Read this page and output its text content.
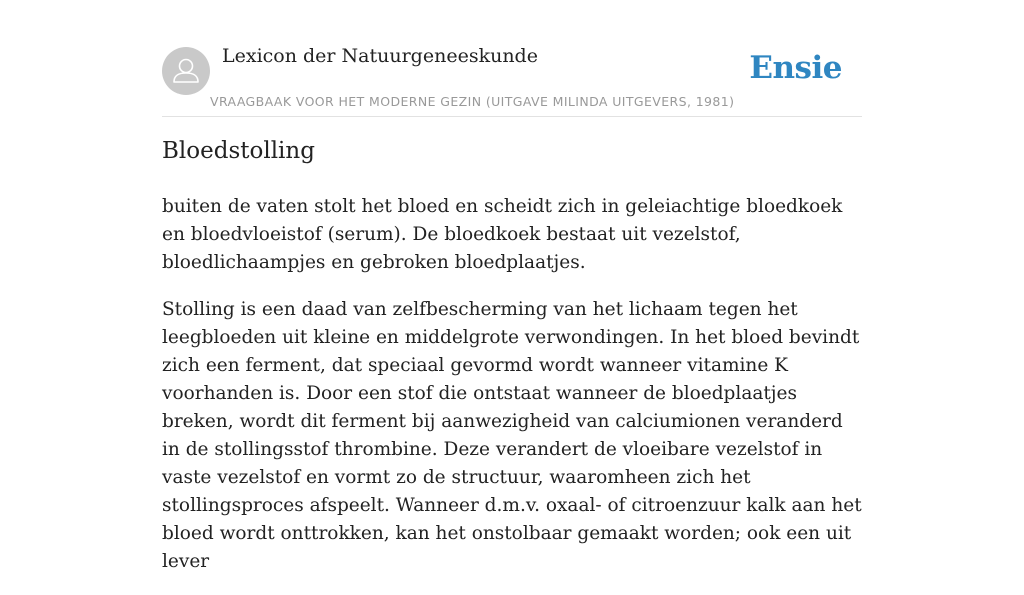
Lexicon der Natuurgeneeskunde
VRAAGBAAK VOOR HET MODERNE GEZIN (UITGAVE MILINDA UITGEVERS, 1981)
Ensie
Bloedstolling

buiten de vaten stolt het bloed en scheidt zich in geleiachtige bloedkoek en bloedvloeistof (serum). De bloedkoek bestaat uit vezelstof, bloedlichaampjes en gebroken bloedplaatjes.

Stolling is een daad van zelfbescherming van het lichaam tegen het leegbloeden uit kleine en middelgrote verwondingen. In het bloed bevindt zich een ferment, dat speciaal gevormd wordt wanneer vitamine K voorhanden is. Door een stof die ontstaat wanneer de bloedplaatjes breken, wordt dit ferment bij aanwezigheid van calciumionen veranderd in de stollingsstof thrombine. Deze verandert de vloeibare vezelstof in vaste vezelstof en vormt zo de structuur, waaromheen zich het stollingsproces afspeelt. Wanneer d.m.v. oxaal- of citroenzuur kalk aan het bloed wordt onttrokken, kan het onstolbaar gemaakt worden; ook een uit lever
